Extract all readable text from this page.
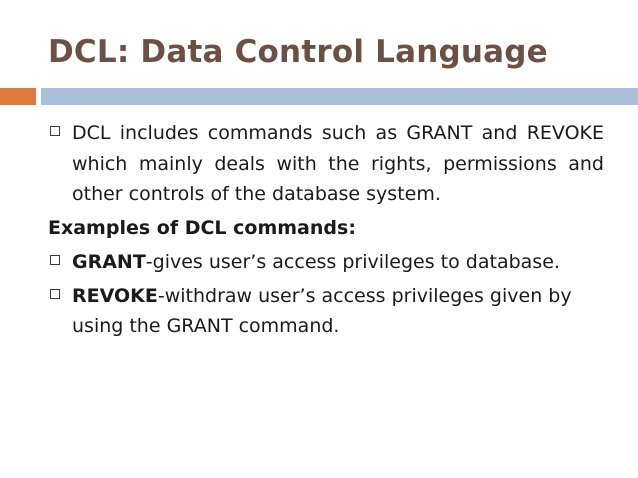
DCL: Data Control Language
DCL includes commands such as GRANT and REVOKE which mainly deals with the rights, permissions and other controls of the database system.
Examples of DCL commands:
GRANT-gives user’s access privileges to database.
REVOKE-withdraw user’s access privileges given by using the GRANT command.
